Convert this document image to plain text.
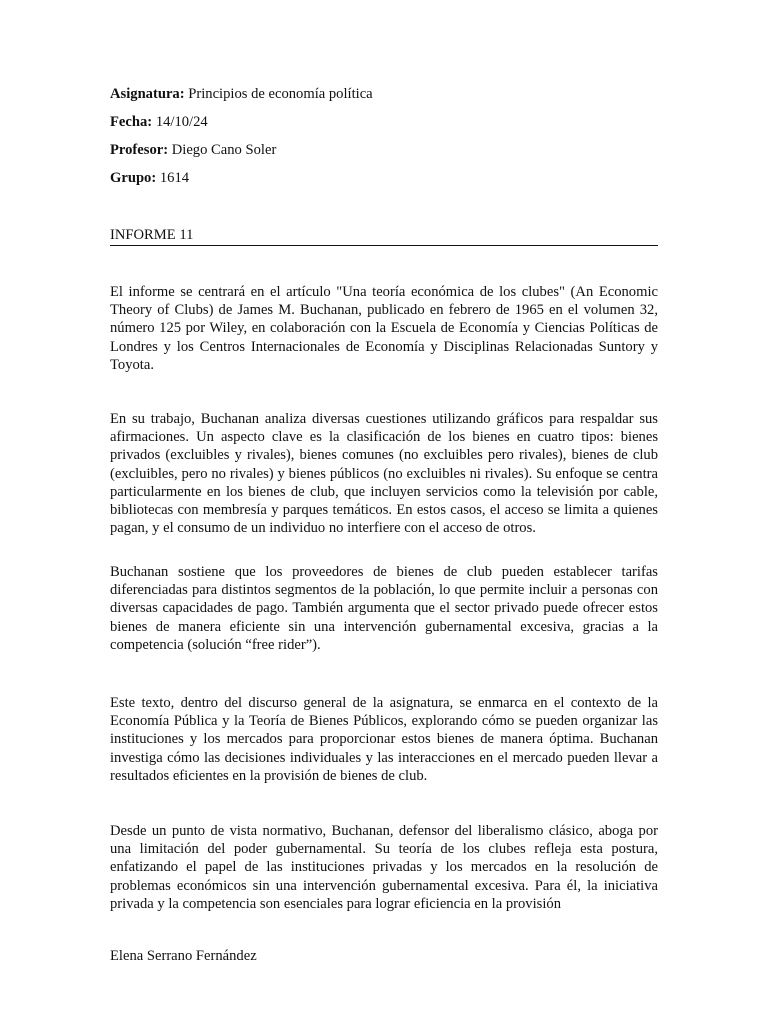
Asignatura: Principios de economía política
Fecha: 14/10/24
Profesor: Diego Cano Soler
Grupo: 1614
INFORME 11

El informe se centrará en el artículo "Una teoría económica de los clubes" (An Economic Theory of Clubs) de James M. Buchanan, publicado en febrero de 1965 en el volumen 32, número 125 por Wiley, en colaboración con la Escuela de Economía y Ciencias Políticas de Londres y los Centros Internacionales de Economía y Disciplinas Relacionadas Suntory y Toyota.

En su trabajo, Buchanan analiza diversas cuestiones utilizando gráficos para respaldar sus afirmaciones. Un aspecto clave es la clasificación de los bienes en cuatro tipos: bienes privados (excluibles y rivales), bienes comunes (no excluibles pero rivales), bienes de club (excluibles, pero no rivales) y bienes públicos (no excluibles ni rivales). Su enfoque se centra particularmente en los bienes de club, que incluyen servicios como la televisión por cable, bibliotecas con membresía y parques temáticos. En estos casos, el acceso se limita a quienes pagan, y el consumo de un individuo no interfiere con el acceso de otros.

Buchanan sostiene que los proveedores de bienes de club pueden establecer tarifas diferenciadas para distintos segmentos de la población, lo que permite incluir a personas con diversas capacidades de pago. También argumenta que el sector privado puede ofrecer estos bienes de manera eficiente sin una intervención gubernamental excesiva, gracias a la competencia (solución “free rider”).

Este texto, dentro del discurso general de la asignatura, se enmarca en el contexto de la Economía Pública y la Teoría de Bienes Públicos, explorando cómo se pueden organizar las instituciones y los mercados para proporcionar estos bienes de manera óptima. Buchanan investiga cómo las decisiones individuales y las interacciones en el mercado pueden llevar a resultados eficientes en la provisión de bienes de club.

Desde un punto de vista normativo, Buchanan, defensor del liberalismo clásico, aboga por una limitación del poder gubernamental. Su teoría de los clubes refleja esta postura, enfatizando el papel de las instituciones privadas y los mercados en la resolución de problemas económicos sin una intervención gubernamental excesiva. Para él, la iniciativa privada y la competencia son esenciales para lograr eficiencia en la provisión

Elena Serrano Fernández
